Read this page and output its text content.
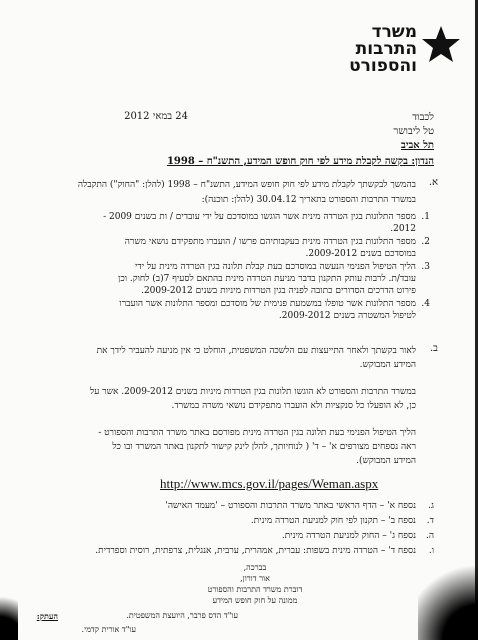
משרד
התרבות
והספורט
24 במאי 2012	לכבוד
טל ליבושר
תל אביב
הנדון: בקשה לקבלת מידע לפי חוק חופש המידע, התשנ"ח – 1998
א.
בהמשך לבקשתך לקבלת מידע לפי חוק חופש המידע, התשנ"ח – 1998 (להלן: "החוק") התקבלה
במשרד התרבות והספורט בתאריך 30.04.12 (להלן: תוכנה):
1.
מספר התלונות בגין הטרדה מינית אשר הוגשו במוסדכם על ידי עובדים / ות בשנים 2009 -
2012.
2.
מספר התלונות בגין הטרדה מינית בעקבותיהם פרשו / הועברו מתפקידם נושאי משרה
במוסדכם בשנים 2009-2012.
3.
הליך הטיפול הפנימי הנעשה במוסדכם בעת קבלת תלונה בגין הטרדה מינית על ידי
עובד/ת. לרבות עותק התקנון בדבר מניעת הטרדה מינית בהתאם לסעיף 7(ב) לחוק. וכן
פירוט הדרכים הסדורים כתובה לפניה בגין הטרדות מיניות בשנים 2009-2012.
4.
מספר התלונות אשר טופלו במשמעת פנימית של מוסדכם ומספר התלונות אשר הועברו
לטיפול המשטרה בשנים 2009-2012.
ב.
לאור בקשתך ולאחר התייעצות עם הלשכה המשפטית, הוחלט כי אין מניעה להעביר לידך את
המידע המבוקש.
במשרד התרבות והספורט לא הוגשו תלונות בגין הטרדות מיניות בשנים 2009-2012. אשר על
כן, לא הופעלו כל סנקציות ולא הועברו מתפקידם נושאי משרה במשרד.
הליך הטיפול הפנימי בעת תלונה בגין הטרדה מינית מפורסם באתר משרד התרבות והספורט -
ראה נספחים מצורפים א' – ד' ( לנוחיותך, להלן לינק קישור לתקנון באתר המשרד ובו כל
המידע המבוקש).
http://www.mcs.gov.il/pages/Weman.aspx
ג.
נספח א' – הדף הראשי באתר משרד התרבות והספורט – 'מעמד האישה'
ד.
נספח ב' – תקנון לפי חוק למניעת הטרדה מינית.
ה.
נספח ג' – החוק למניעת הטרדה מינית.
ו.
נספח ד' – הטרדה מינית בשפות: עברית, אמהרית, ערבית, אנגלית, צרפתית, רוסית וספרדית.
בברכה,
אור דורון,
דוברת משרד התרבות והספורט
ממונה על חוק חופש המידע
העתק:	עו"ד הדס פרבר, היועצת המשפטית.
עו"ד אורית קדמי.
